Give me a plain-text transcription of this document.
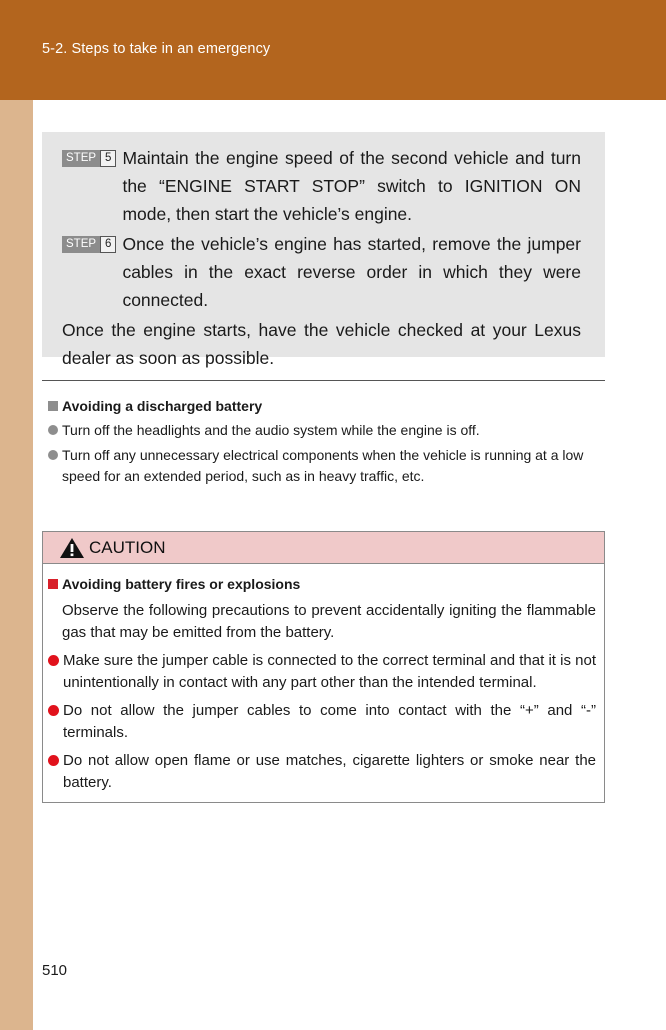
5-2. Steps to take in an emergency
STEP 5 Maintain the engine speed of the second vehicle and turn the “ENGINE START STOP” switch to IGNITION ON mode, then start the vehicle’s engine.
STEP 6 Once the vehicle’s engine has started, remove the jumper cables in the exact reverse order in which they were connected.
Once the engine starts, have the vehicle checked at your Lexus dealer as soon as possible.
Avoiding a discharged battery
Turn off the headlights and the audio system while the engine is off.
Turn off any unnecessary electrical components when the vehicle is running at a low speed for an extended period, such as in heavy traffic, etc.
CAUTION
Avoiding battery fires or explosions
Observe the following precautions to prevent accidentally igniting the flammable gas that may be emitted from the battery.
Make sure the jumper cable is connected to the correct terminal and that it is not unintentionally in contact with any part other than the intended terminal.
Do not allow the jumper cables to come into contact with the “+” and “-” terminals.
Do not allow open flame or use matches, cigarette lighters or smoke near the battery.
510
